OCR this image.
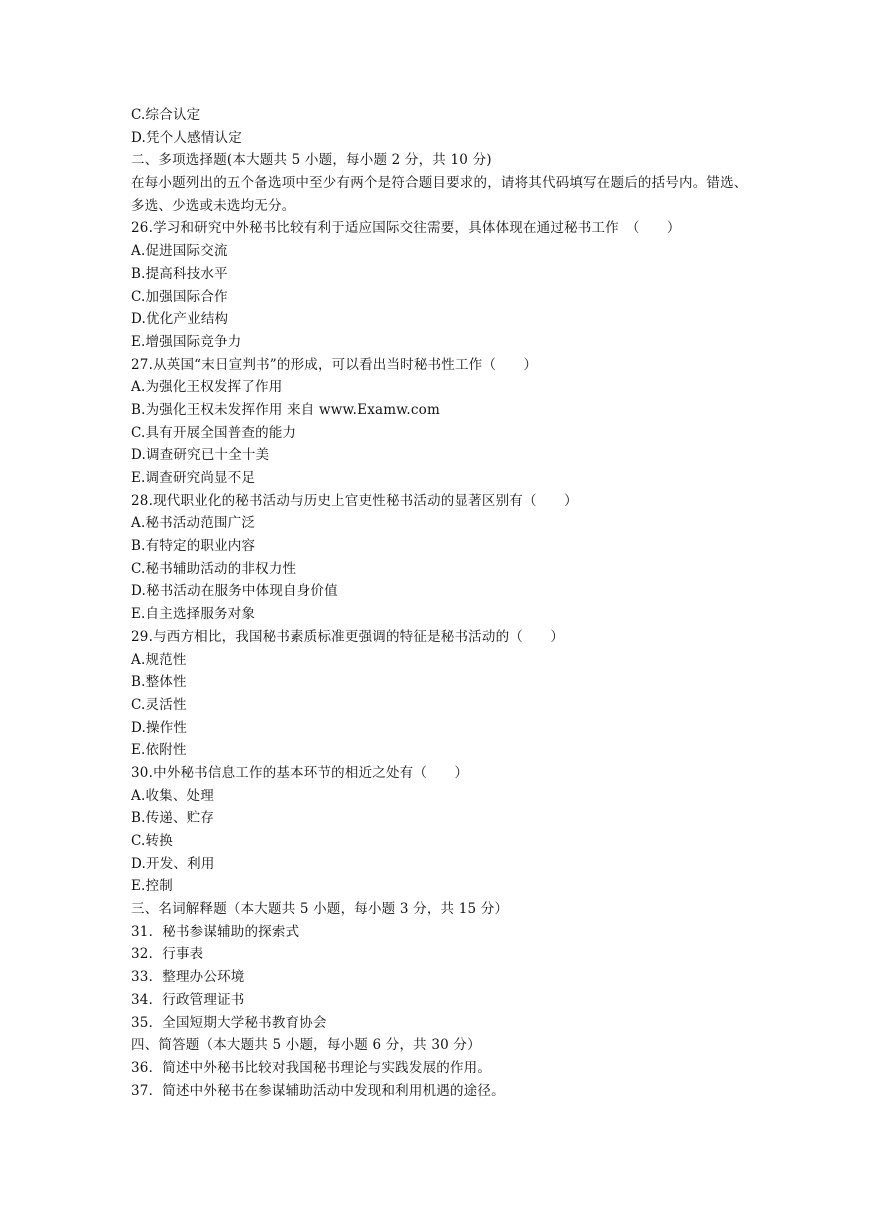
C.综合认定
D.凭个人感情认定
二、多项选择题(本大题共 5 小题，每小题 2 分，共 10 分)
在每小题列出的五个备选项中至少有两个是符合题目要求的，请将其代码填写在题后的括号内。错选、多选、少选或未选均无分。
26.学习和研究中外秘书比较有利于适应国际交往需要，具体体现在通过秘书工作　（　　）
A.促进国际交流
B.提高科技水平
C.加强国际合作
D.优化产业结构
E.增强国际竞争力
27.从英国“末日宣判书”的形成，可以看出当时秘书性工作（　　）
A.为强化王权发挥了作用
B.为强化王权未发挥作用 来自 www.Examw.com
C.具有开展全国普查的能力
D.调查研究已十全十美
E.调查研究尚显不足
28.现代职业化的秘书活动与历史上官吏性秘书活动的显著区别有（　　）
A.秘书活动范围广泛
B.有特定的职业内容
C.秘书辅助活动的非权力性
D.秘书活动在服务中体现自身价值
E.自主选择服务对象
29.与西方相比，我国秘书素质标准更强调的特征是秘书活动的（　　）
A.规范性
B.整体性
C.灵活性
D.操作性
E.依附性
30.中外秘书信息工作的基本环节的相近之处有（　　）
A.收集、处理
B.传递、贮存
C.转换
D.开发、利用
E.控制
三、名词解释题（本大题共 5 小题，每小题 3 分，共 15 分）
31．秘书参谋辅助的探索式
32．行事表
33．整理办公环境
34．行政管理证书
35．全国短期大学秘书教育协会
四、简答题（本大题共 5 小题，每小题 6 分，共 30 分）
36．简述中外秘书比较对我国秘书理论与实践发展的作用。
37．简述中外秘书在参谋辅助活动中发现和利用机遇的途径。
